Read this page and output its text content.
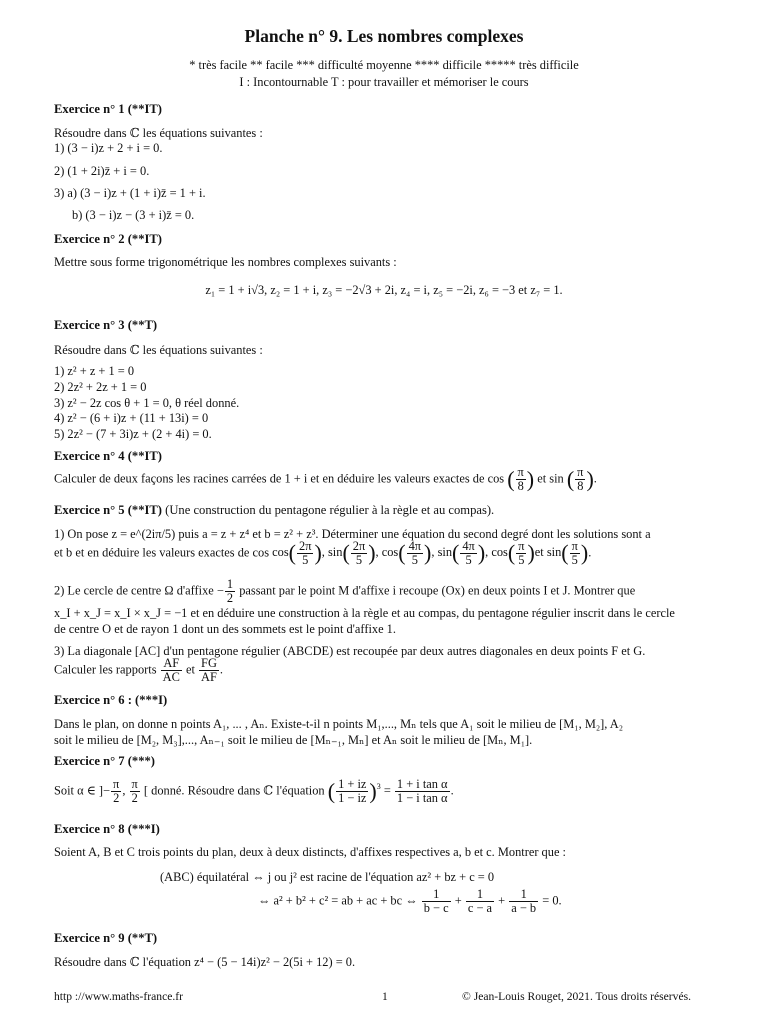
Planche n° 9. Les nombres complexes
* très facile ** facile *** difficulté moyenne **** difficile ***** très difficile
I : Incontournable T : pour travailler et mémoriser le cours
Exercice n° 1 (**IT)
Résoudre dans ℂ les équations suivantes :
1) (3 − i)z + 2 + i = 0.
2) (1 + 2i)z̄ + i = 0.
3) a) (3 − i)z + (1 + i)z̄ = 1 + i.
b) (3 − i)z − (3 + i)z̄ = 0.
Exercice n° 2 (**IT)
Mettre sous forme trigonométrique les nombres complexes suivants :
z₁ = 1 + i√3, z₂ = 1 + i, z₃ = −2√3 + 2i, z₄ = i, z₅ = −2i, z₆ = −3 et z₇ = 1.
Exercice n° 3 (**T)
Résoudre dans ℂ les équations suivantes :
1) z² + z + 1 = 0
2) 2z² + 2z + 1 = 0
3) z² − 2z cos θ + 1 = 0, θ réel donné.
4) z² − (6 + i)z + (11 + 13i) = 0
5) 2z² − (7 + 3i)z + (2 + 4i) = 0.
Exercice n° 4 (**IT)
Calculer de deux façons les racines carrées de 1 + i et en déduire les valeurs exactes de cos ( $\frac{\pi}{8}$ ) et sin ( $\frac{\pi}{8}$ ).
Exercice n° 5 (**IT) (Une construction du pentagone régulier à la règle et au compas).
1) On pose z = e^(2iπ/5) puis a = z + z⁴ et b = z² + z³. Déterminer une équation du second degré dont les solutions sont a
et b et en déduire les valeurs exactes de $\cos \cos( \frac{2\pi}{5}$ ), $\sin( \frac{2\pi}{5}$ ), $\cos( \frac{4\pi}{5}$ ), $\sin( \frac{4\pi}{5}$ ), $\cos( \frac{\pi}{5} )et$ $\sin( \frac{\pi}{5}$ ).
2) Le cercle de centre Ω d'affixe − $\frac{1}{2}$ passant par le point M d'affixe i recoupe (Ox) en deux points I et J. Montrer que
x_I + x_J = x_I × x_J = −1 et en déduire une construction à la règle et au compas, du pentagone régulier inscrit dans le cercle
de centre O et de rayon 1 dont un des sommets est le point d'affixe 1.
3) La diagonale [AC] d'un pentagone régulier (ABCDE) est recoupée par deux autres diagonales en deux points F et G.
Calculer les rapports $\frac{AF}{AC}$ et $\frac{FG}{AF}$ .
Exercice n° 6 : (***I)
Dans le plan, on donne n points A₁, ... , Aₙ. Existe-t-il n points M₁,..., Mₙ tels que A₁ soit le milieu de [M₁, M₂], A₂
soit le milieu de [M₂, M₃],..., Aₙ₋₁ soit le milieu de [Mₙ₋₁, Mₙ] et Aₙ soit le milieu de [Mₙ, M₁].
Exercice n° 7 (***)
Soit α ∈ ]− $\frac{\pi}{2}$ , $\frac{\pi}{2}$ [ donné. Résoudre dans ℂ l'équation ( $\frac{1 + iz}{1 - iz} )^3 = \frac{\text{1 + i tan α}}{\text{1 − i tan α}}$ .
Exercice n° 8 (***I)
Soient A, B et C trois points du plan, deux à deux distincts, d'affixes respectives a, b et c. Montrer que :
(ABC) équilatéral ⇔ j ou j² est racine de l'équation az² + bz + c = 0
⇔ a² + b² + c² = ab + ac + bc ⇔ $\frac{1}{b - c} + \frac{1}{c - a} + \frac{1}{a - b} = 0$.
Exercice n° 9 (**T)
Résoudre dans ℂ l'équation z⁴ − (5 − 14i)z² − 2(5i + 12) = 0.
http ://www.maths-france.fr	1	© Jean-Louis Rouget, 2021. Tous droits réservés.
